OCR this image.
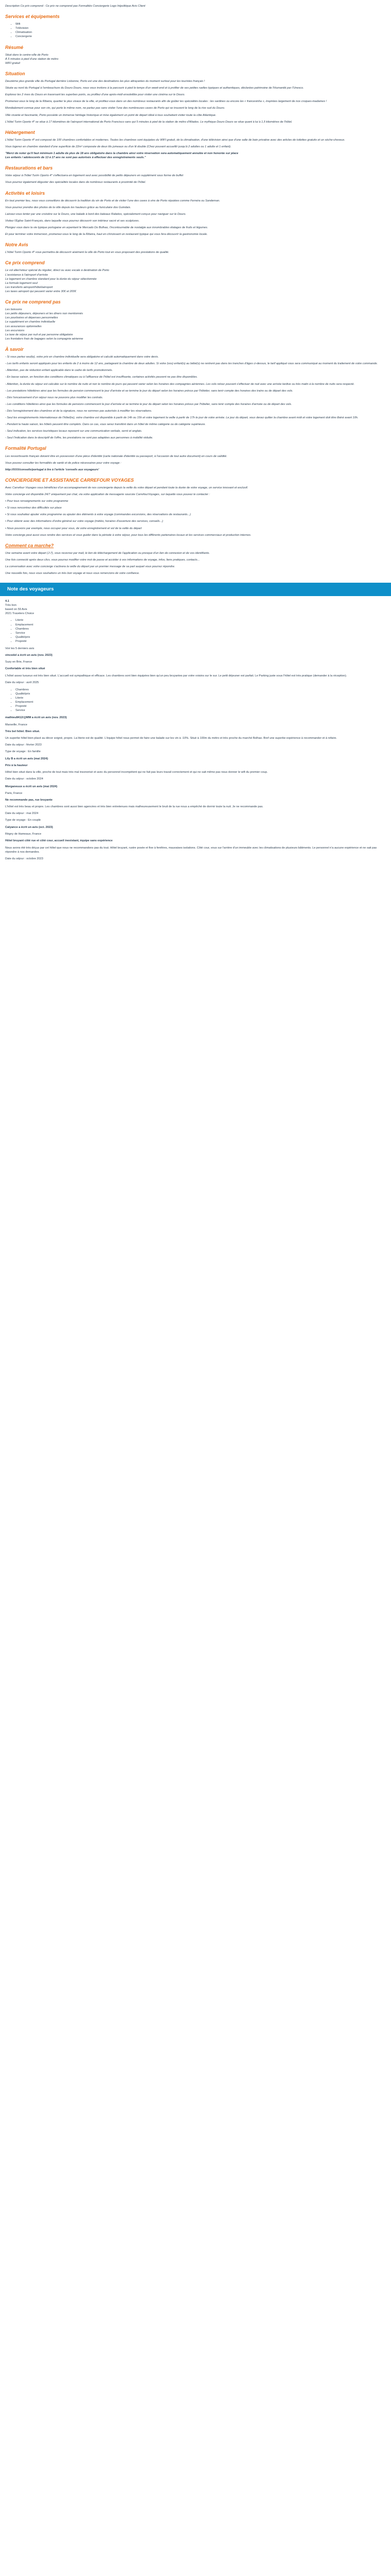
Description Ce prix comprend : Ce prix ne comprend pas Formalités Conciergerie Logo Inlpolitique Avis Client

Services et équipements
• Wifi
• Télévision
• Climatisation
• Conciergerie
Résumé

Situé dans le centre-ville de Porto
À 5 minutes à pied d'une station de métro
WIFI gratuit

Situation

Deuxième plus grande ville du Portugal derrière Lisbonne, Porto est une des destinations les plus attrayantes du moment surtout pour les touristes français !

Située au nord du Portugal à l'embouchure du Douro Douro, nous vous invitons à la parcourir à pied le temps d'un week-end et à profiter de ses petites ruelles typiques et authentiques, déclarées patrimoine de l'Humanité par l'Unesco.

Explorez les 2 rives du Douro en traversant les superbes ponts, ou profitez d'une après-midi ensoleillée pour visiter une cinéma sur le Douro.

Promenez-vous le long de la Ribeira, quartier le plus vivace de la ville, et profitez-vous dans un des nombreux restaurants afin de goûter les spécialités locales : les sardines ou encore les « francesinha », inspirées largement de nos croques-madames !

Mondialement connue pour son vin, qui porte le même nom, ne partez pas sans visiter l'une des nombreuses caves de Porto qui se trouvent le long de la rive sud du Douro.

Ville vivante et fascinante, Porto possède un immense héritage historique et mise également un point de départ idéal à tous souhaitant visiter toute la côte Atlantique.

L'hôtel Turim Oporto 4* se situe à 17 kilomètres de l'aéroport international de Porto Francisco sans qui 5 minutes à pied de la station de métro d'Aliados. Le mythique Douro Douro se situe quant à lui à 1,5 kilomètres de l'hôtel.

Hébergement

L'hôtel Turim Oporto 4* est composé de 100 chambres confortables et modernes. Toutes les chambres sont équipées du WIFI gratuit, de la climatisation, d'une télévision ainsi que d'une salle de bain privative avec des articles de toilettes gratuits et un sèche-cheveux.

Vous logerez en chambre standard d'une superficie de 22m² composée de deux lits jumeaux ou d'un lit double (Chez pouvant accueillir jusqu'à 2 adultes ou 1 adulte et 1 enfant).

"Merci de noter qu'il faut minimum 1 adulte de plus de 18 ans obligatoire dans la chambre ainsi votre réservation sera automatiquement annulée et non honorée sur place
Les enfants / adolescents de 13 à 17 ans ne sont pas autorisés à effectuer des enregistrements seuls."

Restaurations et bars

Votre séjour à l'hôtel Turim Oporto 4* s'effectuera en logement seul avec possibilité de petits déjeuners en supplément sous forme de buffet

Vous pourrez également déguster des spécialités locales dans de nombreux restaurants à proximité de l'hôtel.

Activités et loisirs

En tout premier lieu, nous vous conseillons de découvrir la tradition du vin de Porto et de visiter l'une des caves à vins de Porto réputées comme Ferreira ou Sandeman.

Vous pourrez prendre des photos de la ville depuis les hauteurs grâce au funiculaire dos Guindais.

Laissez-vous tenter par une croisière sur le Douro, une balade à bord des bateaux Rabelos, spécialement conçus pour naviguer sur le Douro.

Visitez l'Église Saint-François, dans laquelle vous pourrez découvrir son intérieur sacré et ses sculptures.

Plongez vous dans la vie typique portugaise en arpentant le Mercado Do Bolhao, l'incontournable de nostalgie aux innombrables étalages de fruits et légumes.

Et pour terminer votre immersion, promenez-vous le long de la Ribeira, haut en chiroissant un restaurant typique qui vous fera découvrir la gastronomie locale.

Notre Avis

L'hôtel Turim Oporto 4* vous permettra de découvrir aisément la ville de Porto tout en vous proposant des prestations de qualité.

Ce prix comprend

Le vol aller/retour spécial du régulier, direct ou avec escale à destination de Porto
L'assistance à l'aéroport d'arrivée
Le logement en chambre standard pour la durée du séjour sélectionnée
La formule logement seul
Les transferts aéroport/hôtel/aéroport
Les taxes aéroport qui peuvent varier entre 30€ et 200€

Ce prix ne comprend pas

Les boissons
Les petits déjeuners, déjeuners et les diners non mentionnés
Les pourboires et dépenses personnelles
Le supplément en chambre individuelle
Les assurances optionnelles
Les excursions
La taxe de séjour par nuit et par personne obligatoire
Les frontaliers frais de bagages selon la compagnie aérienne

À savoir

- Si vous partez seul(e), votre prix en chambre individuelle sera obligatoire et calculé automatiquement dans votre devis.

- Les tarifs enfants seront appliqués pour les enfants de 2 à moins de 12 ans, partageant la chambre de deux adultes. Si votre (vos) enfant(s) au bébé(s) ne rentrent pas dans les tranches d'âges ci-dessus, le tarif appliqué vous sera communiqué au moment du traitement de votre commande.

- Attention, pas de réduction enfant applicable dans le cadre de tarifs promotionnels.

- En basse saison, en fonction des conditions climatiques ou à l'affluence de l'hôtel est insuffisante, certaines activités peuvent ne pas être disponibles.

- Attention, la durée du séjour est calculée sur le nombre de nuits et non le nombre de jours qui peuvent varier selon les horaires des compagnies aériennes. Les vols retour pouvant s'effectuer de nuit avec une arrivée tardive ou très matin à la nombre de nuits sera respecté.

- Les prestations hôtelières ainsi que les formules de pension commencent le jour d'arrivée et se termine le jour du départ selon les horaires prévus par l'hôtelier, sans tenir compte des horaires des trains ou de départ des vols.

- Dès l'encaissement d'un séjour nous ne pouvons plus modifier les contrats.

- Les conditions hôtelières ainsi que les formules de pensions commencent le jour d'arrivée et se termine le jour du départ selon les horaires prévus par l'hôtelier, sans tenir compte des horaires d'arrivée ou de départ des vols.

- Dès l'enregistrement des chambres et de la signature, nous ne sommes pas autorisés à modifier les réservations.

- Seul les enregistrements internationaux de l'hôtel(re), votre chambre est disponible à partir de 14h ou 15h et votre logement la veille à partir de 17h le jour de votre arrivée. Le jour du départ, vous devez quitter la chambre avant midi et votre logement doit être libéré avant 10h.

- Pendant la haute saison, les hôtels peuvent être complets. Dans ce cas, vous serez transféré dans un hôtel de même catégorie ou de catégorie supérieure.

- Seul indication, les services touristiques locaux reposent sur une communication verbale, serré et anglais.

- Seul l'indication dans le descriptif de l'offre, les prestations ne sont pas adaptées aux personnes à mobilité réduite.

Formalité Portugal

Les ressortissants français doivent être en possession d'une pièce d'identité (carte nationale d'identité ou passeport, à l'occasion de tout autre document) en cours de validité.

Vous pouvez consulter les formalités de santé et de police nécessaires pour votre voyage :

http://XXX/conseils/portugal à lire à l'article 'conseils aux voyageurs'

CONCIERGERIE ET ASSISTANCE CARREFOUR VOYAGES

Avec Carrefour Voyages vous bénéficiez d'un accompagnement de nos conciergerie depuis la veille du votre départ et pendant toute la durée de votre voyage, un service innovant et exclusif.

Votre concierge est disponible 24/7 uniquement par chat, via votre application de messagerie sourcée CarrefourVoyages, sur laquelle vous pouvez le contacter :

• Pour tous renseignements sur votre programme

• Si vous rencontrez des difficultés sur place

• Si vous souhaitez ajouter votre programme ou ajouter des éléments à votre voyage (commandes excursions, des réservations de restaurants...)

• Pour obtenir avec des informations d'ordre général sur votre voyage (météo, horaires d'ouverture des services, conseils...)

• Nous pouvons par exemple, nous occuper pour vous, de votre enregistrement et vol de la veille du départ

Votre concierge peut aussi vous rendre des services et vous guider dans la période à votre séjour, pour tous les différents partenaires locaux et les services commerciaux et production internes.

Comment ça marche?

Une semaine avant votre départ (J-7), vous recevrez par mail, le lien de téléchargement de l'application ou presque d'un lien de connexion et de vos identifiants.

Une fois connecté après deux clics, vous pourrez modifier votre mot de passe et accéder à vos informations de voyage, infos, liens pratiques, contacts...

La conversation avec votre concierge s'activera la veille du départ par un premier message de sa part auquel vous pourrez répondre.

Une nouvelle fois, nous vous souhaitons un très bon voyage et nous vous remercions de votre confiance.

Note des voyageurs

4.1
Très bon
based on 59 Avis
2021 Travelers Choice

• Literie
• Emplacement
• Chambres
• Service
• Qualité/prix
• Propreté

Voir les 5 derniers avis

vincedel a écrit un avis (nov. 2023)

Suzy en Brie, France

Confortable et très bien situé

L'hôtel assez luxueux est très bien situé. L'accueil est sympathique et efficace. Les chambres sont bien équipées bien qu'un peu bruyantes par votre voisins sur le sur. Le petit déjeuner est parfait. Le Parking juste sous l'hôtel est très pratique (demander à la réception).

Date du séjour : avril 2025

• Chambres
• Qualité/prix
• Literie
• Emplacement
• Propreté
• Service

mathieu8412/@MM a écrit un avis (nov. 2023)

Marseille, France

Très bel hôtel. Bien situé.

Un superbe hôtel bien placé au décor soigné, propre. La literie est de qualité. L'équipe hôtel nous permet de faire une balade sur les vin à -10%. Situé à 100m du métro et très proche du marché Bolhao. Bref une superbe expérience à recommander et à refaire.

Date du séjour : février 2023

Type de voyage : En famille

Lily B a écrit un avis (mai 2024)

Prix à la hauteur

Hôtel bien situé dans la ville, proche de tout mais très mal insonorisé et avec du personnel incompétent qui ne fait pas leurs travail correctement et qui ne sait même pas nous donner le wifi du premier coup.

Date du séjour : octobre 2024

Morganeuux a écrit un avis (mai 2024)

Paris, France

Ne recommande pas, rue bruyante

L'hôtel est très beau et propre. Les chambres sont aussi bien agencées et très bien entretenues mais malheureusement le bruit de la rue nous a empêché de dormir toute la nuit. Je ne recommande pas.

Date du séjour : mai 2024

Type de voyage : En couple

Calyance a écrit un avis (oct. 2023)

Règny de Hameaux, France

Hôtel bruyant côté rue et côté cour, accueil inexistant, équipe sans expérience

Nous avons été très déçus par cet hôtel que nous ne recommandons pas du tout. Hôtel bruyant, rustre posée et fixe à fenêtres, mauvaises isolations. Côté cour, vous sur l'arrière d'un immeuble avec les climatisations de plusieurs bâtiments. Le personnel n'a aucune expérience et ne sait pas répondre à nos demandes.

Date du séjour : octobre 2023
